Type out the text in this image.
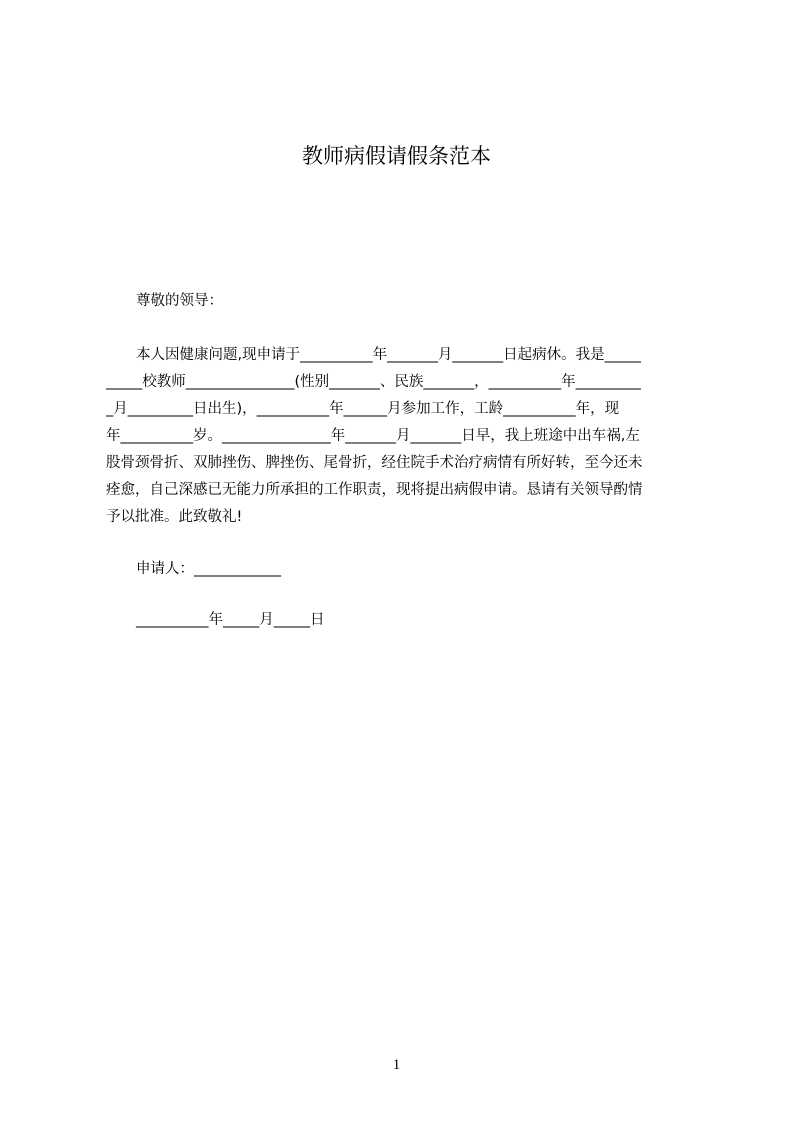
教师病假请假条范本
尊敬的领导：
本人因健康问题,现申请于__________年_______月_______日起病休。我是_____
_____校教师_______________(性别_______、民族_______，__________年_________
_月_________日出生)，__________年______月参加工作，工龄__________年，现
年__________岁。_______________年_______月_______日早，我上班途中出车祸,左
股骨颈骨折、双肺挫伤、脾挫伤、尾骨折，经住院手术治疗病情有所好转，至今还未
痊愈，自己深感已无能力所承担的工作职责，现将提出病假申请。恳请有关领导酌情
予以批准。此致敬礼!
申请人：____________
__________年_____月_____日
1
